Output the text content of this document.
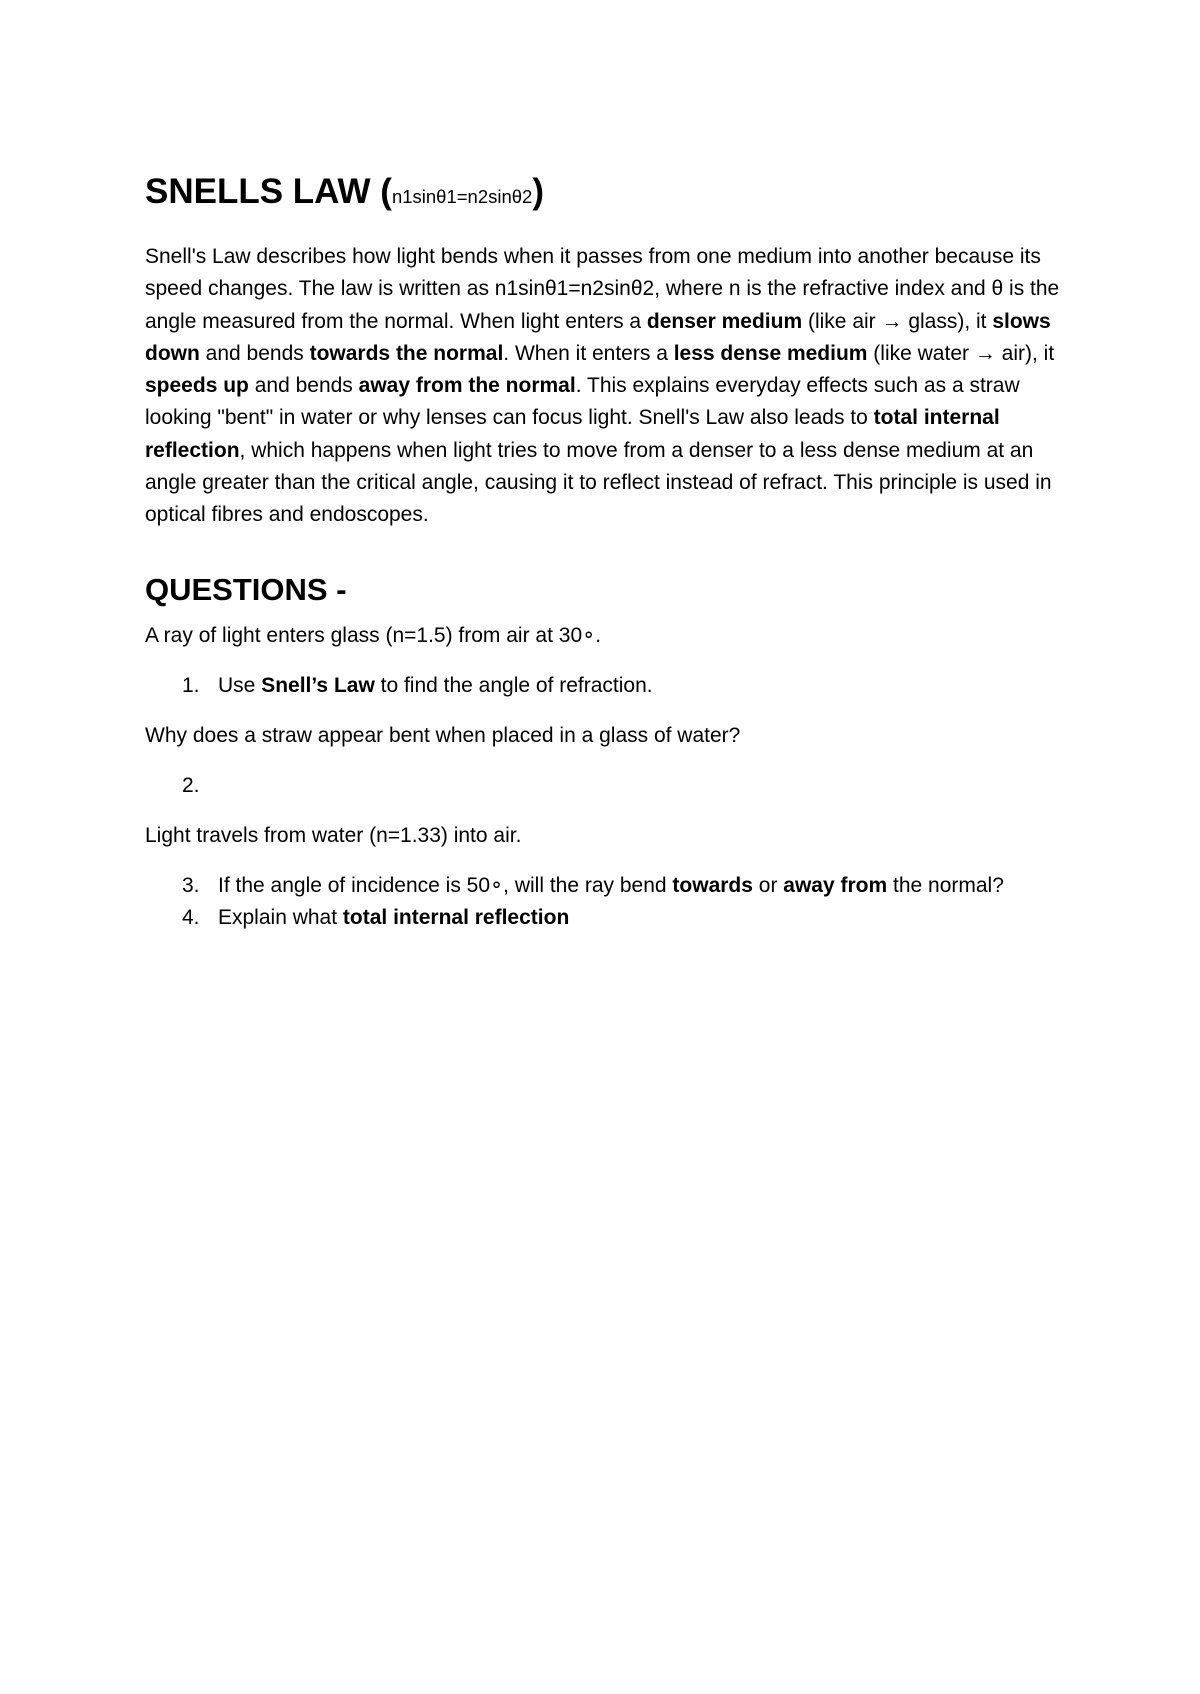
SNELLS LAW (n1sinθ1=n2sinθ2)

Snell's Law describes how light bends when it passes from one medium into another because its speed changes. The law is written as n1sinθ1=n2sinθ2, where n is the refractive index and θ is the angle measured from the normal. When light enters a denser medium (like air → glass), it slows down and bends towards the normal. When it enters a less dense medium (like water → air), it speeds up and bends away from the normal. This explains everyday effects such as a straw looking "bent" in water or why lenses can focus light. Snell's Law also leads to total internal reflection, which happens when light tries to move from a denser to a less dense medium at an angle greater than the critical angle, causing it to reflect instead of refract. This principle is used in optical fibres and endoscopes.

QUESTIONS -

A ray of light enters glass (n=1.5) from air at 30∘.

1. Use Snell’s Law to find the angle of refraction.

Why does a straw appear bent when placed in a glass of water?

2.

Light travels from water (n=1.33) into air.

3. If the angle of incidence is 50∘, will the ray bend towards or away from the normal?
4. Explain what total internal reflection
